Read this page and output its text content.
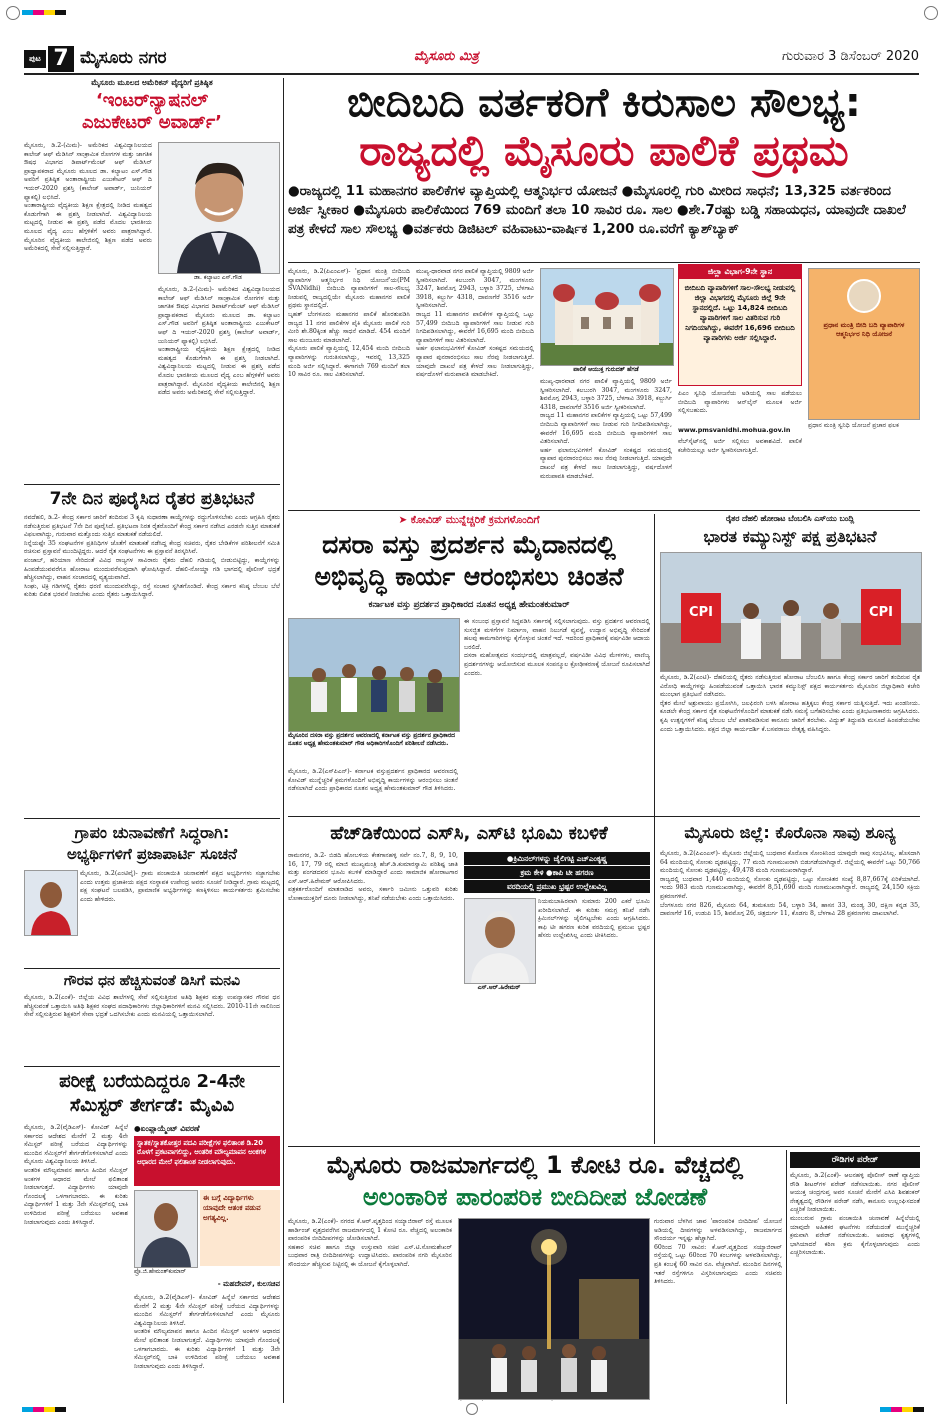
ಪುಟ 7 ಮೈಸೂರು ನಗರ	ಮೈಸೂರು ಮಿತ್ರ	ಗುರುವಾರ 3 ಡಿಸೆಂಬರ್ 2020
ಮೈಸೂರು ಮೂಲದ ಅಮೆರಿಕನ್ ವೈದ್ಯರಿಗೆ ಪ್ರತಿಷ್ಠಿತ
‘ಇಂಟರ್‌ನ್ಯಾಷನಲ್
ಎಜುಕೇಟರ್ ಅವಾರ್ಡ್’
ಮೈಸೂರು, ಡಿ.2-(ಮಿಮ)- ಅಮೆರಿಕದ ವಿಶ್ವವಿದ್ಯಾನಿಲಯದ ಕಾಲೇಜ್ ಆಫ್ ಮೆಡಿಸಿನ್ ಸಾಂಕ್ರಾಮಿಕ ರೋಗಗಳ ಮತ್ತು ಜಾಗತಿಕ ಔಷಧ ವಿಭಾಗದ ಡಿಪಾರ್ಟ್‌ಮೆಂಟ್ ಆಫ್ ಮೆಡಿಸಿನ್ ಪ್ರಾಧ್ಯಾಪಕರಾದ ಮೈಸೂರು ಮೂಲದ ಡಾ. ಕಲ್ಯಾಟಂ ಎಸ್.ಗೌಡ ಅವರಿಗೆ ಪ್ರತಿಷ್ಠಿತ ಅಂತಾರಾಷ್ಟ್ರೀಯ ಎಜುಕೇಟರ್ ಆಫ್ ದಿ ಇಯರ್-2020 ಪ್ರಶಸ್ತಿ (ಕಾಲೇಜ್ ಅವಾರ್ಡ್, ಜುನಿಯರ್ ಫ್ಯಾಕಲ್ಟಿ) ಲಭಿಸಿದೆ.
ಅಂತಾರಾಷ್ಟ್ರೀಯ ವೈದ್ಯಕೀಯ ಶಿಕ್ಷಣ ಕ್ಷೇತ್ರದಲ್ಲಿ ನೀಡಿದ ಮಹತ್ವದ ಕೊಡುಗೆಗಾಗಿ ಈ ಪ್ರಶಸ್ತಿ ನೀಡಲಾಗಿದೆ. ವಿಶ್ವವಿದ್ಯಾನಿಲಯ ಮಟ್ಟದಲ್ಲಿ ನೀಡುವ ಈ ಪ್ರಶಸ್ತಿ ಪಡೆದ ಮೊದಲ ಭಾರತೀಯ ಮೂಲದ ವೈದ್ಯ ಎಂಬ ಹೆಗ್ಗಳಿಕೆಗೆ ಅವರು ಪಾತ್ರರಾಗಿದ್ದಾರೆ. ಮೈಸೂರಿನ ವೈದ್ಯಕೀಯ ಕಾಲೇಜಿನಲ್ಲಿ ಶಿಕ್ಷಣ ಪಡೆದ ಅವರು ಅಮೆರಿಕದಲ್ಲಿ ಸೇವೆ ಸಲ್ಲಿಸುತ್ತಿದ್ದಾರೆ.
ಡಾ. ಕಲ್ಯಾಟಂ ಎಸ್.ಗೌಡ
ಮೈಸೂರು, ಡಿ.2-(ಮಿಮ)- ಅಮೆರಿಕದ ವಿಶ್ವವಿದ್ಯಾನಿಲಯದ ಕಾಲೇಜ್ ಆಫ್ ಮೆಡಿಸಿನ್ ಸಾಂಕ್ರಾಮಿಕ ರೋಗಗಳ ಮತ್ತು ಜಾಗತಿಕ ಔಷಧ ವಿಭಾಗದ ಡಿಪಾರ್ಟ್‌ಮೆಂಟ್ ಆಫ್ ಮೆಡಿಸಿನ್ ಪ್ರಾಧ್ಯಾಪಕರಾದ ಮೈಸೂರು ಮೂಲದ ಡಾ. ಕಲ್ಯಾಟಂ ಎಸ್.ಗೌಡ ಅವರಿಗೆ ಪ್ರತಿಷ್ಠಿತ ಅಂತಾರಾಷ್ಟ್ರೀಯ ಎಜುಕೇಟರ್ ಆಫ್ ದಿ ಇಯರ್-2020 ಪ್ರಶಸ್ತಿ (ಕಾಲೇಜ್ ಅವಾರ್ಡ್, ಜುನಿಯರ್ ಫ್ಯಾಕಲ್ಟಿ) ಲಭಿಸಿದೆ.
ಅಂತಾರಾಷ್ಟ್ರೀಯ ವೈದ್ಯಕೀಯ ಶಿಕ್ಷಣ ಕ್ಷೇತ್ರದಲ್ಲಿ ನೀಡಿದ ಮಹತ್ವದ ಕೊಡುಗೆಗಾಗಿ ಈ ಪ್ರಶಸ್ತಿ ನೀಡಲಾಗಿದೆ. ವಿಶ್ವವಿದ್ಯಾನಿಲಯ ಮಟ್ಟದಲ್ಲಿ ನೀಡುವ ಈ ಪ್ರಶಸ್ತಿ ಪಡೆದ ಮೊದಲ ಭಾರತೀಯ ಮೂಲದ ವೈದ್ಯ ಎಂಬ ಹೆಗ್ಗಳಿಕೆಗೆ ಅವರು ಪಾತ್ರರಾಗಿದ್ದಾರೆ. ಮೈಸೂರಿನ ವೈದ್ಯಕೀಯ ಕಾಲೇಜಿನಲ್ಲಿ ಶಿಕ್ಷಣ ಪಡೆದ ಅವರು ಅಮೆರಿಕದಲ್ಲಿ ಸೇವೆ ಸಲ್ಲಿಸುತ್ತಿದ್ದಾರೆ.
ಬೀದಿಬದಿ ವರ್ತಕರಿಗೆ ಕಿರುಸಾಲ ಸೌಲಭ್ಯ:
ರಾಜ್ಯದಲ್ಲಿ ಮೈಸೂರು ಪಾಲಿಕೆ ಪ್ರಥಮ
●ರಾಜ್ಯದಲ್ಲಿ 11 ಮಹಾನಗರ ಪಾಲಿಕೆಗಳ ವ್ಯಾಪ್ತಿಯಲ್ಲಿ ಆತ್ಮನಿರ್ಭರ ಯೋಜನೆ ●ಮೈಸೂರಲ್ಲಿ ಗುರಿ ಮೀರಿದ ಸಾಧನೆ; 13,325 ವರ್ತಕರಿಂದ ಅರ್ಜಿ ಸ್ವೀಕಾರ ●ಮೈಸೂರು ಪಾಲಿಕೆಯಿಂದ 769 ಮಂದಿಗೆ ತಲಾ 10 ಸಾವಿರ ರೂ. ಸಾಲ ●ಶೇ.7ರಷ್ಟು ಬಡ್ಡಿ ಸಹಾಯಧನ, ಯಾವುದೇ ದಾಖಲೆ ಪತ್ರ ಕೇಳದೆ ಸಾಲ ಸೌಲಭ್ಯ ●ವರ್ತಕರು ಡಿಜಿಟಲ್ ವಹಿವಾಟು-ವಾರ್ಷಿಕ 1,200 ರೂ.ವರೆಗೆ ಕ್ಯಾಶ್‌ಬ್ಯಾಕ್
ಮೈಸೂರು, ಡಿ.2(ಪಿಎಂಎಸ್)- 'ಪ್ರಧಾನ ಮಂತ್ರಿ ಬೀದಿಬದಿ ವ್ಯಾಪಾರಿಗಳ ಆತ್ಮನಿರ್ಭರ ನಿಧಿ ಯೋಜನೆ'ಯ(PM SVANidhi) ಬೀದಿಬದಿ ವ್ಯಾಪಾರಿಗಳಿಗೆ ಸಾಲ-ಸೌಲಭ್ಯ ನೀಡುವಲ್ಲಿ ರಾಜ್ಯದಲ್ಲಿಯೇ ಮೈಸೂರು ಮಹಾನಗರ ಪಾಲಿಕೆ ಪ್ರಥಮ ಸ್ಥಾನದಲ್ಲಿದೆ.
ಬೃಹತ್ ಬೆಂಗಳೂರು ಮಹಾನಗರ ಪಾಲಿಕೆ ಹೊರತುಪಡಿಸಿ ರಾಜ್ಯದ 11 ನಗರ ಪಾಲಿಕೆಗಳ ಪೈಕಿ ಮೈಸೂರು ಪಾಲಿಕೆ ಗುರಿ ಮೀರಿ ಶೇ.80ಕ್ಕಿಂತ ಹೆಚ್ಚು ಸಾಧನೆ ಮಾಡಿದೆ. 454 ಮಂದಿಗೆ ಸಾಲ ಮಂಜೂರು ಮಾಡಲಾಗಿದೆ.
ಮೈಸೂರು ಪಾಲಿಕೆ ವ್ಯಾಪ್ತಿಯಲ್ಲಿ 12,454 ಮಂದಿ ಬೀದಿಬದಿ ವ್ಯಾಪಾರಿಗಳನ್ನು ಗುರುತಿಸಲಾಗಿದ್ದು, ಇವರಲ್ಲಿ 13,325 ಮಂದಿ ಅರ್ಜಿ ಸಲ್ಲಿಸಿದ್ದಾರೆ. ಈಗಾಗಲೇ 769 ಮಂದಿಗೆ ತಲಾ 10 ಸಾವಿರ ರೂ. ಸಾಲ ವಿತರಿಸಲಾಗಿದೆ.
ಮುಖ್ಯ-ಧಾರವಾಡ ನಗರ ಪಾಲಿಕೆ ವ್ಯಾಪ್ತಿಯಲ್ಲಿ 9809 ಅರ್ಜಿ ಸ್ವೀಕರಿಸಲಾಗಿದೆ. ಕಲಬುರಗಿ 3047, ಮಂಗಳೂರು 3247, ಶಿವಮೊಗ್ಗ 2943, ಬಳ್ಳಾರಿ 3725, ಬೆಳಗಾವಿ 3918, ಕಲ್ಬುರ್ಗಿ 4318, ದಾವಣಗೆರೆ 3516 ಅರ್ಜಿ ಸ್ವೀಕರಿಸಲಾಗಿದೆ.
ರಾಜ್ಯದ 11 ಮಹಾನಗರ ಪಾಲಿಕೆಗಳ ವ್ಯಾಪ್ತಿಯಲ್ಲಿ ಒಟ್ಟು 57,499 ಬೀದಿಬದಿ ವ್ಯಾಪಾರಿಗಳಿಗೆ ಸಾಲ ನೀಡುವ ಗುರಿ ನಿಗದಿಪಡಿಸಲಾಗಿದ್ದು, ಈವರೆಗೆ 16,695 ಮಂದಿ ಬೀದಿಬದಿ ವ್ಯಾಪಾರಿಗಳಿಗೆ ಸಾಲ ವಿತರಿಸಲಾಗಿದೆ.
ಅರ್ಹ ಫಲಾನುಭವಿಗಳಿಗೆ ಕೋವಿಡ್ ಸಂಕಷ್ಟದ ಸಮಯದಲ್ಲಿ ವ್ಯಾಪಾರ ಪುನರಾರಂಭಿಸಲು ಸಾಲ ನೆರವು ನೀಡಲಾಗುತ್ತಿದೆ. ಯಾವುದೇ ದಾಖಲೆ ಪತ್ರ ಕೇಳದೆ ಸಾಲ ನೀಡಲಾಗುತ್ತಿದ್ದು, ವರ್ಷದೊಳಗೆ ಮರುಪಾವತಿ ಮಾಡಬೇಕಿದೆ.
ಪಾಲಿಕೆ ಆಯುಕ್ತ ಗುರುದತ್ ಹೆಗಡೆ
ಮುಖ್ಯ-ಧಾರವಾಡ ನಗರ ಪಾಲಿಕೆ ವ್ಯಾಪ್ತಿಯಲ್ಲಿ 9809 ಅರ್ಜಿ ಸ್ವೀಕರಿಸಲಾಗಿದೆ. ಕಲಬುರಗಿ 3047, ಮಂಗಳೂರು 3247, ಶಿವಮೊಗ್ಗ 2943, ಬಳ್ಳಾರಿ 3725, ಬೆಳಗಾವಿ 3918, ಕಲ್ಬುರ್ಗಿ 4318, ದಾವಣಗೆರೆ 3516 ಅರ್ಜಿ ಸ್ವೀಕರಿಸಲಾಗಿದೆ.
ರಾಜ್ಯದ 11 ಮಹಾನಗರ ಪಾಲಿಕೆಗಳ ವ್ಯಾಪ್ತಿಯಲ್ಲಿ ಒಟ್ಟು 57,499 ಬೀದಿಬದಿ ವ್ಯಾಪಾರಿಗಳಿಗೆ ಸಾಲ ನೀಡುವ ಗುರಿ ನಿಗದಿಪಡಿಸಲಾಗಿದ್ದು, ಈವರೆಗೆ 16,695 ಮಂದಿ ಬೀದಿಬದಿ ವ್ಯಾಪಾರಿಗಳಿಗೆ ಸಾಲ ವಿತರಿಸಲಾಗಿದೆ.
ಅರ್ಹ ಫಲಾನುಭವಿಗಳಿಗೆ ಕೋವಿಡ್ ಸಂಕಷ್ಟದ ಸಮಯದಲ್ಲಿ ವ್ಯಾಪಾರ ಪುನರಾರಂಭಿಸಲು ಸಾಲ ನೆರವು ನೀಡಲಾಗುತ್ತಿದೆ. ಯಾವುದೇ ದಾಖಲೆ ಪತ್ರ ಕೇಳದೆ ಸಾಲ ನೀಡಲಾಗುತ್ತಿದ್ದು, ವರ್ಷದೊಳಗೆ ಮರುಪಾವತಿ ಮಾಡಬೇಕಿದೆ.
ಜಿಲ್ಲಾ ವಿಭಾಗ-9ನೇ ಸ್ಥಾನ
ಬೀದಿಬದಿ ವ್ಯಾಪಾರಿಗಳಿಗೆ ಸಾಲ-ಸೌಲಭ್ಯ ನೀಡುವಲ್ಲಿ ಜಿಲ್ಲಾ ವಿಭಾಗದಲ್ಲಿ ಮೈಸೂರು ಜಿಲ್ಲೆ 9ನೇ ಸ್ಥಾನದಲ್ಲಿದೆ. ಒಟ್ಟು 14,824 ಬೀದಿಬದಿ ವ್ಯಾಪಾರಿಗಳಿಗೆ ಸಾಲ ವಿತರಿಸುವ ಗುರಿ ನಿಗದಿಯಾಗಿದ್ದು, ಈವರೆಗೆ 16,696 ಬೀದಿಬದಿ ವ್ಯಾಪಾರಿಗಳು ಅರ್ಜಿ ಸಲ್ಲಿಸಿದ್ದಾರೆ.
ಪಿಎಂ ಸ್ವನಿಧಿ ಯೋಜನೆಯ ಅಡಿಯಲ್ಲಿ ಸಾಲ ಪಡೆಯಲು ಬೀದಿಬದಿ ವ್ಯಾಪಾರಿಗಳು ಆನ್‌ಲೈನ್ ಮೂಲಕ ಅರ್ಜಿ ಸಲ್ಲಿಸಬಹುದು.
www.pmsvanidhi.mohua.gov.in
ವೆಬ್‌ಸೈಟ್‌ನಲ್ಲಿ ಅರ್ಜಿ ಸಲ್ಲಿಸಲು ಅವಕಾಶವಿದೆ. ಪಾಲಿಕೆ ಕಚೇರಿಯಲ್ಲೂ ಅರ್ಜಿ ಸ್ವೀಕರಿಸಲಾಗುತ್ತಿದೆ.
ಪ್ರಧಾನ ಮಂತ್ರಿ ಬೀದಿ ಬದಿ ವ್ಯಾಪಾರಿಗಳ ಆತ್ಮನಿರ್ಭರ ನಿಧಿ ಯೋಜನೆ
ಪ್ರಧಾನ ಮಂತ್ರಿ ಸ್ವನಿಧಿ ಯೋಜನೆ ಪ್ರಚಾರ ಫಲಕ
7ನೇ ದಿನ ಪೂರೈಸಿದ ರೈತರ ಪ್ರತಿಭಟನೆ
ನವದೆಹಲಿ, ಡಿ.2- ಕೇಂದ್ರ ಸರ್ಕಾರ ಜಾರಿಗೆ ತಂದಿರುವ 3 ಕೃಷಿ ಸುಧಾರಣಾ ಕಾಯ್ದೆಗಳನ್ನು ರದ್ದುಗೊಳಿಸಬೇಕು ಎಂದು ಆಗ್ರಹಿಸಿ ರೈತರು ನಡೆಸುತ್ತಿರುವ ಪ್ರತಿಭಟನೆ 7ನೇ ದಿನ ಪೂರೈಸಿದೆ. ಪ್ರತಿಭಟನಾ ನಿರತ ರೈತರೊಂದಿಗೆ ಕೇಂದ್ರ ಸರ್ಕಾರ ನಡೆಸಿದ ಎರಡನೇ ಸುತ್ತಿನ ಮಾತುಕತೆ ವಿಫಲವಾಗಿದ್ದು, ಗುರುವಾರ ಮತ್ತೊಂದು ಸುತ್ತಿನ ಮಾತುಕತೆ ನಡೆಯಲಿದೆ.
ನಿನ್ನೆಯಷ್ಟೇ 35 ಸಂಘಟನೆಗಳ ಪ್ರತಿನಿಧಿಗಳ ಜೊತೆಗೆ ಮಾತುಕತೆ ನಡೆಸಿದ್ದ ಕೇಂದ್ರ ಸಚಿವರು, ರೈತರ ಬೇಡಿಕೆಗಳ ಪರಿಶೀಲನೆಗೆ ಸಮಿತಿ ರಚಿಸುವ ಪ್ರಸ್ತಾವನೆ ಮುಂದಿಟ್ಟಿದ್ದರು. ಆದರೆ ರೈತ ಸಂಘಟನೆಗಳು ಈ ಪ್ರಸ್ತಾವನೆ ತಿರಸ್ಕರಿಸಿವೆ.
ಪಂಜಾಬ್, ಹರಿಯಾಣ ಸೇರಿದಂತೆ ವಿವಿಧ ರಾಜ್ಯಗಳ ಸಾವಿರಾರು ರೈತರು ದೆಹಲಿ ಗಡಿಯಲ್ಲಿ ಬೀಡುಬಿಟ್ಟಿದ್ದು, ಕಾಯ್ದೆಗಳನ್ನು ಹಿಂಪಡೆಯುವವರೆಗೂ ಹೋರಾಟ ಮುಂದುವರೆಸುವುದಾಗಿ ಘೋಷಿಸಿದ್ದಾರೆ. ದೆಹಲಿ-ನೋಯ್ಡಾ ಗಡಿ ಭಾಗದಲ್ಲಿ ಪೊಲೀಸ್ ಭದ್ರತೆ ಹೆಚ್ಚಿಸಲಾಗಿದ್ದು, ವಾಹನ ಸಂಚಾರದಲ್ಲಿ ವ್ಯತ್ಯಯವಾಗಿದೆ.
ಸಿಂಘು, ಟಿಕ್ರಿ ಗಡಿಗಳಲ್ಲಿ ರೈತರು ಧರಣಿ ಮುಂದುವರೆಸಿದ್ದು, ರಸ್ತೆ ಸಂಚಾರ ಸ್ಥಗಿತಗೊಂಡಿದೆ. ಕೇಂದ್ರ ಸರ್ಕಾರ ಕನಿಷ್ಠ ಬೆಂಬಲ ಬೆಲೆ ಕುರಿತು ಲಿಖಿತ ಭರವಸೆ ನೀಡಬೇಕು ಎಂದು ರೈತರು ಒತ್ತಾಯಿಸಿದ್ದಾರೆ.
ಗ್ರಾಪಂ ಚುನಾವಣೆಗೆ ಸಿದ್ಧರಾಗಿ:
ಅಭ್ಯರ್ಥಿಗಳಿಗೆ ಪ್ರಜಾಪಾರ್ಟಿ ಸೂಚನೆ
ಮೈಸೂರು, ಡಿ.2(ಎಂಟಿವೈ)- ಗ್ರಾಮ ಪಂಚಾಯಿತಿ ಚುನಾವಣೆಗೆ ಪಕ್ಷದ ಅಭ್ಯರ್ಥಿಗಳು ಸಜ್ಜಾಗಬೇಕು ಎಂದು ಉತ್ತಮ ಪ್ರಜಾಕೀಯ ಪಕ್ಷದ ಸಂಸ್ಥಾಪಕ ಉಪೇಂದ್ರ ಅವರು ಸೂಚನೆ ನೀಡಿದ್ದಾರೆ. ಗ್ರಾಮ ಮಟ್ಟದಲ್ಲಿ ಪಕ್ಷ ಸಂಘಟನೆ ಬಲಪಡಿಸಿ, ಪ್ರಾಮಾಣಿಕ ಅಭ್ಯರ್ಥಿಗಳನ್ನು ಕಣಕ್ಕಿಳಿಸಲು ಕಾರ್ಯಕರ್ತರು ಶ್ರಮಿಸಬೇಕು ಎಂದು ಹೇಳಿದರು.
ಗೌರವ ಧನ ಹೆಚ್ಚಿಸುವಂತೆ ಡಿಸಿಗೆ ಮನವಿ
ಮೈಸೂರು, ಡಿ.2(ಎಂಕೆ)- ಜಿಲ್ಲೆಯ ವಿವಿಧ ಶಾಲೆಗಳಲ್ಲಿ ಸೇವೆ ಸಲ್ಲಿಸುತ್ತಿರುವ ಅತಿಥಿ ಶಿಕ್ಷಕರ ಮತ್ತು ಉಪನ್ಯಾಸಕರ ಗೌರವ ಧನ ಹೆಚ್ಚಿಸುವಂತೆ ಒತ್ತಾಯಿಸಿ ಅತಿಥಿ ಶಿಕ್ಷಕರ ಸಂಘದ ಪದಾಧಿಕಾರಿಗಳು ಜಿಲ್ಲಾಧಿಕಾರಿಗಳಿಗೆ ಮನವಿ ಸಲ್ಲಿಸಿದರು. 2010-11ನೇ ಸಾಲಿನಿಂದ ಸೇವೆ ಸಲ್ಲಿಸುತ್ತಿರುವ ಶಿಕ್ಷಕರಿಗೆ ಸೇವಾ ಭದ್ರತೆ ಒದಗಿಸಬೇಕು ಎಂದು ಮನವಿಯಲ್ಲಿ ಒತ್ತಾಯಿಸಲಾಗಿದೆ.
ಪರೀಕ್ಷೆ ಬರೆಯದಿದ್ದರೂ 2-4ನೇ
ಸೆಮಿಸ್ಟರ್ ತೇರ್ಗಡೆ: ಮೈವಿವಿ
ಮೈಸೂರು, ಡಿ.2(ವೈಡಿಎಸ್)- ಕೋವಿಡ್ ಹಿನ್ನೆಲೆ ಸರ್ಕಾರದ ಆದೇಶದ ಮೇರೆಗೆ 2 ಮತ್ತು 4ನೇ ಸೆಮಿಸ್ಟರ್ ಪರೀಕ್ಷೆ ಬರೆಯದ ವಿದ್ಯಾರ್ಥಿಗಳನ್ನು ಮುಂದಿನ ಸೆಮಿಸ್ಟರ್‌ಗೆ ತೇರ್ಗಡೆಗೊಳಿಸಲಾಗಿದೆ ಎಂದು ಮೈಸೂರು ವಿಶ್ವವಿದ್ಯಾನಿಲಯ ತಿಳಿಸಿದೆ.
ಆಂತರಿಕ ಮೌಲ್ಯಮಾಪನ ಹಾಗೂ ಹಿಂದಿನ ಸೆಮಿಸ್ಟರ್ ಅಂಕಗಳ ಆಧಾರದ ಮೇಲೆ ಫಲಿತಾಂಶ ನೀಡಲಾಗುತ್ತದೆ. ವಿದ್ಯಾರ್ಥಿಗಳು ಯಾವುದೇ ಗೊಂದಲಕ್ಕೆ ಒಳಗಾಗಬಾರದು. ಈ ಕುರಿತು ವಿದ್ಯಾರ್ಥಿಗಳಿಗೆ 1 ಮತ್ತು 3ನೇ ಸೆಮಿಸ್ಟರ್‌ನಲ್ಲಿ ಬಾಕಿ ಉಳಿದಿರುವ ಪರೀಕ್ಷೆ ಬರೆಯಲು ಅವಕಾಶ ನೀಡಲಾಗುವುದು ಎಂದು ತಿಳಿಸಿದ್ದಾರೆ.
●ಏಂಪ್ಲಾಯ್ಮೆಂಟ್ ವಿವರಣೆ
ಸ್ನಾತಕ/ಸ್ನಾತಕೋತ್ತರ ಪದವಿ ಪರೀಕ್ಷೆಗಳ ಫಲಿತಾಂಶ ಡಿ.20 ರೊಳಗೆ ಪ್ರಕಟವಾಗಲಿದ್ದು, ಆಂತರಿಕ ಮೌಲ್ಯಮಾಪನ ಅಂಕಗಳ ಆಧಾರದ ಮೇಲೆ ಫಲಿತಾಂಶ ನೀಡಲಾಗುವುದು.
ಈ ಬಗ್ಗೆ ವಿದ್ಯಾರ್ಥಿಗಳು ಯಾವುದೇ ಆತಂಕ ಪಡುವ ಅಗತ್ಯವಿಲ್ಲ.
ಪ್ರೊ.ಜಿ.ಹೇಮಂತ್‌ಕುಮಾರ್
- ಮಹದೇವನ್, ಕುಲಸಚಿವ
ಮೈಸೂರು, ಡಿ.2(ವೈಡಿಎಸ್)- ಕೋವಿಡ್ ಹಿನ್ನೆಲೆ ಸರ್ಕಾರದ ಆದೇಶದ ಮೇರೆಗೆ 2 ಮತ್ತು 4ನೇ ಸೆಮಿಸ್ಟರ್ ಪರೀಕ್ಷೆ ಬರೆಯದ ವಿದ್ಯಾರ್ಥಿಗಳನ್ನು ಮುಂದಿನ ಸೆಮಿಸ್ಟರ್‌ಗೆ ತೇರ್ಗಡೆಗೊಳಿಸಲಾಗಿದೆ ಎಂದು ಮೈಸೂರು ವಿಶ್ವವಿದ್ಯಾನಿಲಯ ತಿಳಿಸಿದೆ.
ಆಂತರಿಕ ಮೌಲ್ಯಮಾಪನ ಹಾಗೂ ಹಿಂದಿನ ಸೆಮಿಸ್ಟರ್ ಅಂಕಗಳ ಆಧಾರದ ಮೇಲೆ ಫಲಿತಾಂಶ ನೀಡಲಾಗುತ್ತದೆ. ವಿದ್ಯಾರ್ಥಿಗಳು ಯಾವುದೇ ಗೊಂದಲಕ್ಕೆ ಒಳಗಾಗಬಾರದು. ಈ ಕುರಿತು ವಿದ್ಯಾರ್ಥಿಗಳಿಗೆ 1 ಮತ್ತು 3ನೇ ಸೆಮಿಸ್ಟರ್‌ನಲ್ಲಿ ಬಾಕಿ ಉಳಿದಿರುವ ಪರೀಕ್ಷೆ ಬರೆಯಲು ಅವಕಾಶ ನೀಡಲಾಗುವುದು ಎಂದು ತಿಳಿಸಿದ್ದಾರೆ.
➤ ಕೋವಿಡ್ ಮುನ್ನೆಚ್ಚರಿಕೆ ಕ್ರಮಗಳೊಂದಿಗೆ
ದಸರಾ ವಸ್ತು ಪ್ರದರ್ಶನ ಮೈದಾನದಲ್ಲಿ
ಅಭಿವೃದ್ಧಿ ಕಾರ್ಯ ಆರಂಭಿಸಲು ಚಿಂತನೆ
ಕರ್ನಾಟಕ ವಸ್ತು ಪ್ರದರ್ಶನ ಪ್ರಾಧಿಕಾರದ ನೂತನ ಅಧ್ಯಕ್ಷ ಹೇಮಂತಕುಮಾರ್
ಮೈಸೂರಿನ ದಸರಾ ವಸ್ತು ಪ್ರದರ್ಶನ ಆವರಣದಲ್ಲಿ ಕರ್ನಾಟಕ ವಸ್ತು ಪ್ರದರ್ಶನ ಪ್ರಾಧಿಕಾರದ ನೂತನ ಅಧ್ಯಕ್ಷ ಹೇಮಂತಕುಮಾರ್ ಗೌಡ ಅಧಿಕಾರಿಗಳೊಂದಿಗೆ ಪರಿಶೀಲನೆ ನಡೆಸಿದರು.
ಮೈಸೂರು, ಡಿ.2(ಎಸ್‌ಪಿಎನ್)- ಕರ್ನಾಟಕ ವಸ್ತುಪ್ರದರ್ಶನ ಪ್ರಾಧಿಕಾರದ ಆವರಣದಲ್ಲಿ ಕೋವಿಡ್ ಮುನ್ನೆಚ್ಚರಿಕೆ ಕ್ರಮಗಳೊಂದಿಗೆ ಅಭಿವೃದ್ಧಿ ಕಾರ್ಯಗಳನ್ನು ಆರಂಭಿಸಲು ಚಿಂತನೆ ನಡೆಸಲಾಗಿದೆ ಎಂದು ಪ್ರಾಧಿಕಾರದ ನೂತನ ಅಧ್ಯಕ್ಷ ಹೇಮಂತಕುಮಾರ್ ಗೌಡ ತಿಳಿಸಿದರು.
ಈ ಸಂಬಂಧ ಪ್ರಸ್ತಾವನೆ ಸಿದ್ಧಪಡಿಸಿ ಸರ್ಕಾರಕ್ಕೆ ಸಲ್ಲಿಸಲಾಗುವುದು. ವಸ್ತು ಪ್ರದರ್ಶನ ಆವರಣದಲ್ಲಿ ಸುಸಜ್ಜಿತ ಮಳಿಗೆಗಳ ನಿರ್ಮಾಣ, ವಾಹನ ನಿಲುಗಡೆ ವ್ಯವಸ್ಥೆ, ಉದ್ಯಾನ ಅಭಿವೃದ್ಧಿ ಸೇರಿದಂತೆ ಹಲವು ಕಾಮಗಾರಿಗಳನ್ನು ಕೈಗೊಳ್ಳುವ ಚಿಂತನೆ ಇದೆ. ಇದರಿಂದ ಪ್ರಾಧಿಕಾರಕ್ಕೆ ವರ್ಷವಿಡೀ ಆದಾಯ ಬರಲಿದೆ.
ದಸರಾ ಮಹೋತ್ಸವದ ಸಂದರ್ಭದಲ್ಲಿ ಮಾತ್ರವಲ್ಲದೆ, ವರ್ಷವಿಡೀ ವಿವಿಧ ಮೇಳಗಳು, ವಾಣಿಜ್ಯ ಪ್ರದರ್ಶನಗಳನ್ನು ಆಯೋಜಿಸುವ ಮೂಲಕ ಸಂಪನ್ಮೂಲ ಕ್ರೋಢೀಕರಣಕ್ಕೆ ಯೋಜನೆ ರೂಪಿಸಲಾಗಿದೆ ಎಂದರು.
ರೈತರ ದೆಹಲಿ ಹೋರಾಟ ಬೆಂಬಲಿಸಿ ಎಸ್‌ಯು ಬಂದ್ಲಿ
ಭಾರತ ಕಮ್ಯುನಿಸ್ಟ್ ಪಕ್ಷ ಪ್ರತಿಭಟನೆ
CPI	CPI
ಮೈಸೂರು, ಡಿ.2(ಎಂಟಿ)- ದೆಹಲಿಯಲ್ಲಿ ರೈತರು ನಡೆಸುತ್ತಿರುವ ಹೋರಾಟ ಬೆಂಬಲಿಸಿ ಹಾಗೂ ಕೇಂದ್ರ ಸರ್ಕಾರ ಜಾರಿಗೆ ತಂದಿರುವ ರೈತ ವಿರೋಧಿ ಕಾಯ್ದೆಗಳನ್ನು ಹಿಂಪಡೆಯುವಂತೆ ಒತ್ತಾಯಿಸಿ ಭಾರತ ಕಮ್ಯುನಿಸ್ಟ್ ಪಕ್ಷದ ಕಾರ್ಯಕರ್ತರು ಮೈಸೂರಿನ ಜಿಲ್ಲಾಧಿಕಾರಿ ಕಚೇರಿ ಮುಂಭಾಗ ಪ್ರತಿಭಟನೆ ನಡೆಸಿದರು.
ರೈತರ ಮೇಲೆ ಅಶ್ರುವಾಯು ಪ್ರಯೋಗಿಸಿ, ಜಲಫಿರಂಗಿ ಬಳಸಿ ಹೋರಾಟ ಹತ್ತಿಕ್ಕಲು ಕೇಂದ್ರ ಸರ್ಕಾರ ಯತ್ನಿಸುತ್ತಿದೆ. ಇದು ಖಂಡನೀಯ. ಕೂಡಲೇ ಕೇಂದ್ರ ಸರ್ಕಾರ ರೈತ ಸಂಘಟನೆಗಳೊಂದಿಗೆ ಮಾತುಕತೆ ನಡೆಸಿ ಸಮಸ್ಯೆ ಬಗೆಹರಿಸಬೇಕು ಎಂದು ಪ್ರತಿಭಟನಾಕಾರರು ಆಗ್ರಹಿಸಿದರು.
ಕೃಷಿ ಉತ್ಪನ್ನಗಳಿಗೆ ಕನಿಷ್ಠ ಬೆಂಬಲ ಬೆಲೆ ಖಾತರಿಪಡಿಸುವ ಕಾನೂನು ಜಾರಿಗೆ ತರಬೇಕು. ವಿದ್ಯುತ್ ತಿದ್ದುಪಡಿ ಮಸೂದೆ ಹಿಂಪಡೆಯಬೇಕು ಎಂದು ಒತ್ತಾಯಿಸಿದರು. ಪಕ್ಷದ ಜಿಲ್ಲಾ ಕಾರ್ಯದರ್ಶಿ ಕೆ.ಬಸವರಾಜು ನೇತೃತ್ವ ವಹಿಸಿದ್ದರು.
ಹೆಚ್‌ಡಿಕೆಯಿಂದ ಎಸ್‌ಸಿ, ಎಸ್‌ಟಿ ಭೂಮಿ ಕಬಳಿಕೆ
ರಾಮನಗರ, ಡಿ.2- ಬಿಡದಿ ಹೋಬಳಿಯ ಕೇತಗಾನಹಳ್ಳಿ ಸರ್ವೆ ನಂ.7, 8, 9, 10, 16, 17, 79 ರಲ್ಲಿ ಮಾಜಿ ಮುಖ್ಯಮಂತ್ರಿ ಹೆಚ್.ಡಿ.ಕುಮಾರಸ್ವಾಮಿ ಪರಿಶಿಷ್ಟ ಜಾತಿ ಮತ್ತು ಪಂಗಡದವರ ಭೂಮಿ ಕಬಳಿಕೆ ಮಾಡಿದ್ದಾರೆ ಎಂದು ಸಾಮಾಜಿಕ ಹೋರಾಟಗಾರ ಎಸ್.ಆರ್.ಹಿರೇಮಠ್ ಆರೋಪಿಸಿದರು.
ಪತ್ರಕರ್ತರೊಂದಿಗೆ ಮಾತನಾಡಿದ ಅವರು, ಸರ್ಕಾರಿ ಜಮೀನು ಒತ್ತುವರಿ ಕುರಿತು ಲೋಕಾಯುಕ್ತರಿಗೆ ದೂರು ನೀಡಲಾಗಿದ್ದು, ತನಿಖೆ ನಡೆಯಬೇಕು ಎಂದು ಒತ್ತಾಯಿಸಿದರು.
●ಕ್ರಿಮಿನಲ್‌ಗಳನ್ನು ಜೈಲಿಗಟ್ಟಿ ಎಚ್‌ಎಂಕೃಷ್ಣ
ಕ್ರಮ ಕೇಳಿ ●ಕಾಪಿ ಟೀ ಹಗರಣ
ವರದಿಯಲ್ಲಿ ಪ್ರಮುಖ ಭ್ರಷ್ಟರ ಉಲ್ಲೇಖವಿಲ್ಲ
ಎಸ್.ಆರ್.ಹಿರೇಮಠ್
ನಿಯಮಬಾಹಿರವಾಗಿ ಸುಮಾರು 200 ಎಕರೆ ಭೂಮಿ ಖರೀದಿಸಲಾಗಿದೆ. ಈ ಕುರಿತು ಸಮಗ್ರ ತನಿಖೆ ನಡೆಸಿ ಕ್ರಿಮಿನಲ್‌ಗಳನ್ನು ಜೈಲಿಗಟ್ಟಬೇಕು ಎಂದು ಆಗ್ರಹಿಸಿದರು. ಕಾಫಿ ಟೀ ಹಗರಣ ಕುರಿತ ವರದಿಯಲ್ಲಿ ಪ್ರಮುಖ ಭ್ರಷ್ಟರ ಹೆಸರು ಉಲ್ಲೇಖಿಸಿಲ್ಲ ಎಂದು ಟೀಕಿಸಿದರು.
ಮೈಸೂರು ಜಿಲ್ಲೆ: ಕೊರೊನಾ ಸಾವು ಶೂನ್ಯ
ಮೈಸೂರು, ಡಿ.2(ಪಿಎಂಎಸ್)- ಮೈಸೂರು ಜಿಲ್ಲೆಯಲ್ಲಿ ಬುಧವಾರ ಕೊರೊನಾ ಸೋಂಕಿನಿಂದ ಯಾವುದೇ ಸಾವು ಸಂಭವಿಸಿಲ್ಲ. ಹೊಸದಾಗಿ 64 ಮಂದಿಯಲ್ಲಿ ಸೋಂಕು ದೃಢಪಟ್ಟಿದ್ದು, 77 ಮಂದಿ ಗುಣಮುಖರಾಗಿ ಬಿಡುಗಡೆಯಾಗಿದ್ದಾರೆ. ಜಿಲ್ಲೆಯಲ್ಲಿ ಈವರೆಗೆ ಒಟ್ಟು 50,766 ಮಂದಿಯಲ್ಲಿ ಸೋಂಕು ದೃಢಪಟ್ಟಿದ್ದು, 49,478 ಮಂದಿ ಗುಣಮುಖರಾಗಿದ್ದಾರೆ.
ರಾಜ್ಯದಲ್ಲಿ ಬುಧವಾರ 1,440 ಮಂದಿಯಲ್ಲಿ ಸೋಂಕು ದೃಢಪಟ್ಟಿದ್ದು, ಒಟ್ಟು ಸೋಂಕಿತರ ಸಂಖ್ಯೆ 8,87,667ಕ್ಕೆ ಏರಿಕೆಯಾಗಿದೆ. ಇಂದು 983 ಮಂದಿ ಗುಣಮುಖರಾಗಿದ್ದು, ಈವರೆಗೆ 8,51,690 ಮಂದಿ ಗುಣಮುಖರಾಗಿದ್ದಾರೆ. ರಾಜ್ಯದಲ್ಲಿ 24,150 ಸಕ್ರಿಯ ಪ್ರಕರಣಗಳಿವೆ.
ಬೆಂಗಳೂರು ನಗರ 826, ಮೈಸೂರು 64, ತುಮಕೂರು 54, ಬಳ್ಳಾರಿ 34, ಹಾಸನ 33, ಮಂಡ್ಯ 30, ದಕ್ಷಿಣ ಕನ್ನಡ 35, ದಾವಣಗೆರೆ 16, ಉಡುಪಿ 15, ಶಿವಮೊಗ್ಗ 26, ಚಿತ್ರದುರ್ಗ 11, ಕೊಡಗು 8, ಬೆಳಗಾವಿ 28 ಪ್ರಕರಣಗಳು ದಾಖಲಾಗಿವೆ.
ಮೈಸೂರು ರಾಜಮಾರ್ಗದಲ್ಲಿ 1 ಕೋಟಿ ರೂ. ವೆಚ್ಚದಲ್ಲಿ
ಅಲಂಕಾರಿಕ ಪಾರಂಪರಿಕ ಬೀದಿದೀಪ ಜೋಡಣೆ
ಮೈಸೂರು, ಡಿ.2(ಎಂಕೆ)- ನಗರದ ಕೆ.ಆರ್.ವೃತ್ತದಿಂದ ಸಯ್ಯಾಜಿರಾವ್ ರಸ್ತೆ ಮೂಲಕ ಹಾರ್ಡಿಂಜ್ ವೃತ್ತದವರೆಗಿನ ರಾಜಮಾರ್ಗದಲ್ಲಿ 1 ಕೋಟಿ ರೂ. ವೆಚ್ಚದಲ್ಲಿ ಅಲಂಕಾರಿಕ ಪಾರಂಪರಿಕ ಬೀದಿದೀಪಗಳನ್ನು ಜೋಡಿಸಲಾಗಿದೆ.
ಸಹಕಾರ ಸಚಿವ ಹಾಗೂ ಜಿಲ್ಲಾ ಉಸ್ತುವಾರಿ ಸಚಿವ ಎಸ್.ಟಿ.ಸೋಮಶೇಖರ್ ಬುಧವಾರ ರಾತ್ರಿ ಬೀದಿದೀಪಗಳನ್ನು ಉದ್ಘಾಟಿಸಿದರು. ಪಾರಂಪರಿಕ ನಗರಿ ಮೈಸೂರಿನ ಸೌಂದರ್ಯ ಹೆಚ್ಚಿಸುವ ನಿಟ್ಟಿನಲ್ಲಿ ಈ ಯೋಜನೆ ಕೈಗೊಳ್ಳಲಾಗಿದೆ.
ಗುರುವಾರ ಬೆಳಗಿನ ಜಾವ 'ಪಾರಂಪರಿಕ ಬೀದಿದೀಪ' ಯೋಜನೆ ಅಡಿಯಲ್ಲಿ ದೀಪಗಳನ್ನು ಅಳವಡಿಸಲಾಗಿದ್ದು, ರಾಜಮಾರ್ಗದ ಸೌಂದರ್ಯ ಇನ್ನಷ್ಟು ಹೆಚ್ಚಾಗಿದೆ.
60ರಿಂದ 70 ಸಾವಿರ: ಕೆ.ಆರ್.ವೃತ್ತದಿಂದ ಸಯ್ಯಾಜಿರಾವ್ ರಸ್ತೆಯಲ್ಲಿ ಒಟ್ಟು 60ರಿಂದ 70 ಕಂಬಗಳನ್ನು ಅಳವಡಿಸಲಾಗಿದ್ದು, ಪ್ರತಿ ಕಂಬಕ್ಕೆ 60 ಸಾವಿರ ರೂ. ವೆಚ್ಚವಾಗಿದೆ. ಮುಂದಿನ ದಿನಗಳಲ್ಲಿ ಇತರೆ ರಸ್ತೆಗಳಿಗೂ ವಿಸ್ತರಿಸಲಾಗುವುದು ಎಂದು ಸಚಿವರು ತಿಳಿಸಿದರು.
ರೌಡಿಗಳ ಪರೇಡ್
ಮೈಸೂರು, ಡಿ.2(ಎಂಕೆ)- ಆಲನಹಳ್ಳಿ ಪೊಲೀಸ್ ಠಾಣೆ ವ್ಯಾಪ್ತಿಯ ರೌಡಿ ಶೀಟರ್‌ಗಳ ಪರೇಡ್ ನಡೆಸಲಾಯಿತು. ನಗರ ಪೊಲೀಸ್ ಆಯುಕ್ತ ಚಂದ್ರಗುಪ್ತ ಅವರ ಸೂಚನೆ ಮೇರೆಗೆ ಎಸಿಪಿ ಶಿವಶಂಕರ್ ನೇತೃತ್ವದಲ್ಲಿ ರೌಡಿಗಳ ಪರೇಡ್ ನಡೆಸಿ, ಕಾನೂನು ಉಲ್ಲಂಘಿಸದಂತೆ ಎಚ್ಚರಿಕೆ ನೀಡಲಾಯಿತು.
ಮುಂಬರುವ ಗ್ರಾಮ ಪಂಚಾಯಿತಿ ಚುನಾವಣೆ ಹಿನ್ನೆಲೆಯಲ್ಲಿ ಯಾವುದೇ ಅಹಿತಕರ ಘಟನೆಗಳು ನಡೆಯದಂತೆ ಮುನ್ನೆಚ್ಚರಿಕೆ ಕ್ರಮವಾಗಿ ಪರೇಡ್ ನಡೆಸಲಾಯಿತು. ಅಪರಾಧ ಕೃತ್ಯಗಳಲ್ಲಿ ಭಾಗಿಯಾದರೆ ಕಠಿಣ ಕ್ರಮ ಕೈಗೊಳ್ಳಲಾಗುವುದು ಎಂದು ಎಚ್ಚರಿಸಲಾಯಿತು.
